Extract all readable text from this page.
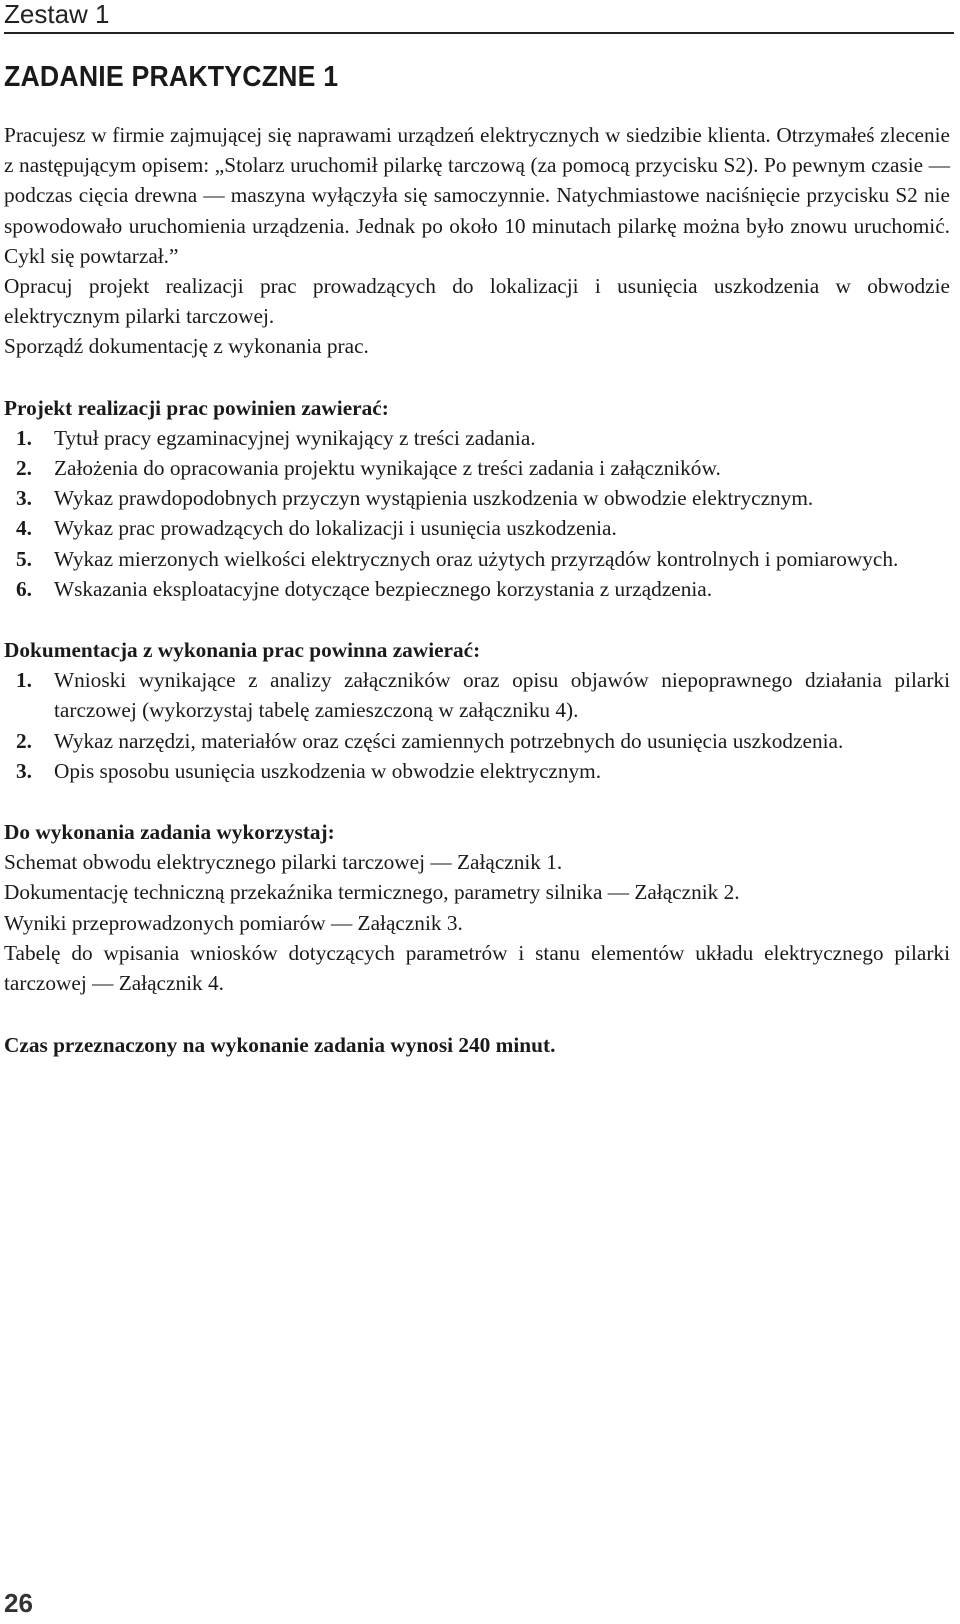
Zestaw 1
ZADANIE PRAKTYCZNE 1

Pracujesz w firmie zajmującej się naprawami urządzeń elektrycznych w siedzibie klienta. Otrzymałeś zlecenie z następującym opisem: „Stolarz uruchomił pilarkę tarczową (za pomocą przycisku S2). Po pewnym czasie — podczas cięcia drewna — maszyna wyłączyła się samoczynnie. Natychmiastowe naciśnięcie przycisku S2 nie spowodowało uruchomienia urządzenia. Jednak po około 10 minutach pilarkę można było znowu uruchomić. Cykl się powtarzał.”

Opracuj projekt realizacji prac prowadzących do lokalizacji i usunięcia uszkodzenia w obwodzie elektrycznym pilarki tarczowej.

Sporządź dokumentację z wykonania prac.

Projekt realizacji prac powinien zawierać:
1. Tytuł pracy egzaminacyjnej wynikający z treści zadania.
2. Założenia do opracowania projektu wynikające z treści zadania i załączników.
3. Wykaz prawdopodobnych przyczyn wystąpienia uszkodzenia w obwodzie elektrycznym.
4. Wykaz prac prowadzących do lokalizacji i usunięcia uszkodzenia.
5. Wykaz mierzonych wielkości elektrycznych oraz użytych przyrządów kontrolnych i pomiarowych.
6. Wskazania eksploatacyjne dotyczące bezpiecznego korzystania z urządzenia.
Dokumentacja z wykonania prac powinna zawierać:
1. Wnioski wynikające z analizy załączników oraz opisu objawów niepoprawnego działania pilarki tarczowej (wykorzystaj tabelę zamieszczoną w załączniku 4).
2. Wykaz narzędzi, materiałów oraz części zamiennych potrzebnych do usunięcia uszkodzenia.
3. Opis sposobu usunięcia uszkodzenia w obwodzie elektrycznym.
Do wykonania zadania wykorzystaj:

Schemat obwodu elektrycznego pilarki tarczowej — Załącznik 1.

Dokumentację techniczną przekaźnika termicznego, parametry silnika — Załącznik 2.

Wyniki przeprowadzonych pomiarów — Załącznik 3.

Tabelę do wpisania wniosków dotyczących parametrów i stanu elementów układu elektrycznego pilarki tarczowej — Załącznik 4.

Czas przeznaczony na wykonanie zadania wynosi 240 minut.
26
